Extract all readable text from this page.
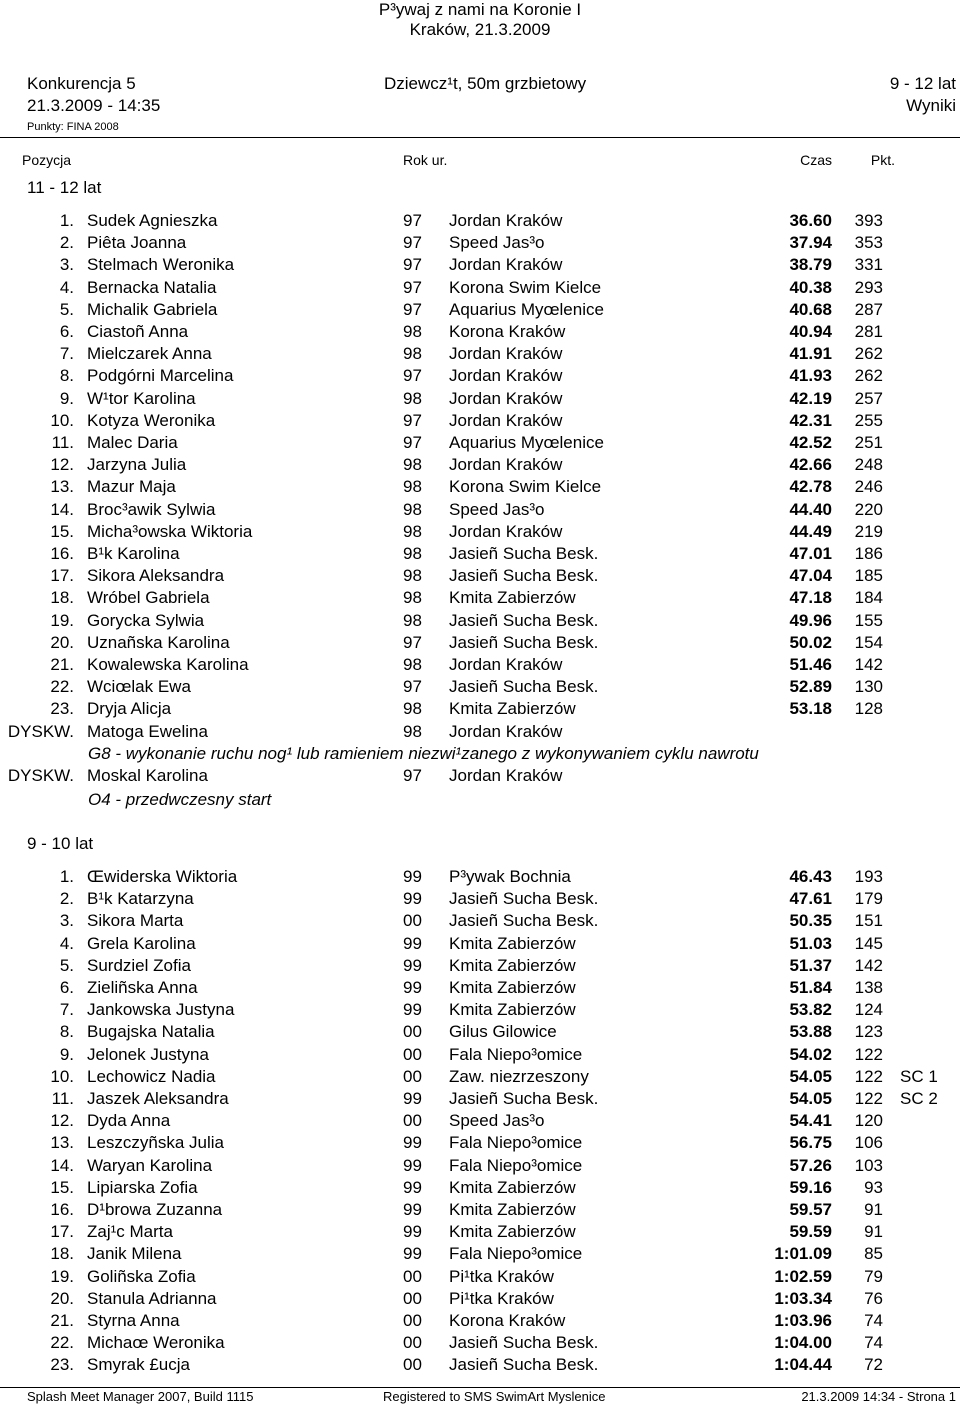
P³ywaj z nami na Koronie I
Kraków, 21.3.2009
Konkurencja 5	Dziewcz¹t, 50m grzbietowy	9 - 12 lat
21.3.2009 - 14:35	Wyniki
Punkty: FINA 2008
Pozycja	Rok ur.	Czas	Pkt.
11 - 12 lat
1. Sudek Agnieszka	97 Jordan Kraków	36.60 393
2. Piêta Joanna	97 Speed Jas³o	37.94 353
3. Stelmach Weronika	97 Jordan Kraków	38.79 331
4. Bernacka Natalia	97 Korona Swim Kielce	40.38 293
5. Michalik Gabriela	97 Aquarius Myœlenice	40.68 287
6. Ciastoñ Anna	98 Korona Kraków	40.94 281
7. Mielczarek Anna	98 Jordan Kraków	41.91 262
8. Podgórni Marcelina	97 Jordan Kraków	41.93 262
9. W¹tor Karolina	98 Jordan Kraków	42.19 257
10. Kotyza Weronika	97 Jordan Kraków	42.31 255
11. Malec Daria	97 Aquarius Myœlenice	42.52 251
12. Jarzyna Julia	98 Jordan Kraków	42.66 248
13. Mazur Maja	98 Korona Swim Kielce	42.78 246
14. Broc³awik Sylwia	98 Speed Jas³o	44.40 220
15. Micha³owska Wiktoria	98 Jordan Kraków	44.49 219
16. B¹k Karolina	98 Jasieñ Sucha Besk.	47.01 186
17. Sikora Aleksandra	98 Jasieñ Sucha Besk.	47.04 185
18. Wróbel Gabriela	98 Kmita Zabierzów	47.18 184
19. Gorycka Sylwia	98 Jasieñ Sucha Besk.	49.96 155
20. Uznañska Karolina	97 Jasieñ Sucha Besk.	50.02 154
21. Kowalewska Karolina	98 Jordan Kraków	51.46 142
22. Wciœlak Ewa	97 Jasieñ Sucha Besk.	52.89 130
23. Dryja Alicja	98 Kmita Zabierzów	53.18 128
DYSKW. Matoga Ewelina	98 Jordan Kraków
G8 - wykonanie ruchu nog¹ lub ramieniem niezwi¹zanego z wykonywaniem cyklu nawrotu
DYSKW. Moskal Karolina	97 Jordan Kraków
O4 - przedwczesny start
9 - 10 lat
1. Œwiderska Wiktoria	99 P³ywak Bochnia	46.43 193
2. B¹k Katarzyna	99 Jasieñ Sucha Besk.	47.61 179
3. Sikora Marta	00 Jasieñ Sucha Besk.	50.35 151
4. Grela Karolina	99 Kmita Zabierzów	51.03 145
5. Surdziel Zofia	99 Kmita Zabierzów	51.37 142
6. Zieliñska Anna	99 Kmita Zabierzów	51.84 138
7. Jankowska Justyna	99 Kmita Zabierzów	53.82 124
8. Bugajska Natalia	00 Gilus Gilowice	53.88 123
9. Jelonek Justyna	00 Fala Niepo³omice	54.02 122
10. Lechowicz Nadia	00 Zaw. niezrzeszony	54.05 122 SC 1
11. Jaszek Aleksandra	99 Jasieñ Sucha Besk.	54.05 122 SC 2
12. Dyda Anna	00 Speed Jas³o	54.41 120
13. Leszczyñska Julia	99 Fala Niepo³omice	56.75 106
14. Waryan Karolina	99 Fala Niepo³omice	57.26 103
15. Lipiarska Zofia	99 Kmita Zabierzów	59.16 93
16. D¹browa Zuzanna	99 Kmita Zabierzów	59.57 91
17. Zaj¹c Marta	99 Kmita Zabierzów	59.59 91
18. Janik Milena	99 Fala Niepo³omice	1:01.09 85
19. Goliñska Zofia	00 Pi¹tka Kraków	1:02.59 79
20. Stanula Adrianna	00 Pi¹tka Kraków	1:03.34 76
21. Styrna Anna	00 Korona Kraków	1:03.96 74
22. Michaœ Weronika	00 Jasieñ Sucha Besk.	1:04.00 74
23. Smyrak £ucja	00 Jasieñ Sucha Besk.	1:04.44 72
Splash Meet Manager 2007, Build 1115	Registered to SMS SwimArt Myslenice	21.3.2009 14:34 - Strona 1
